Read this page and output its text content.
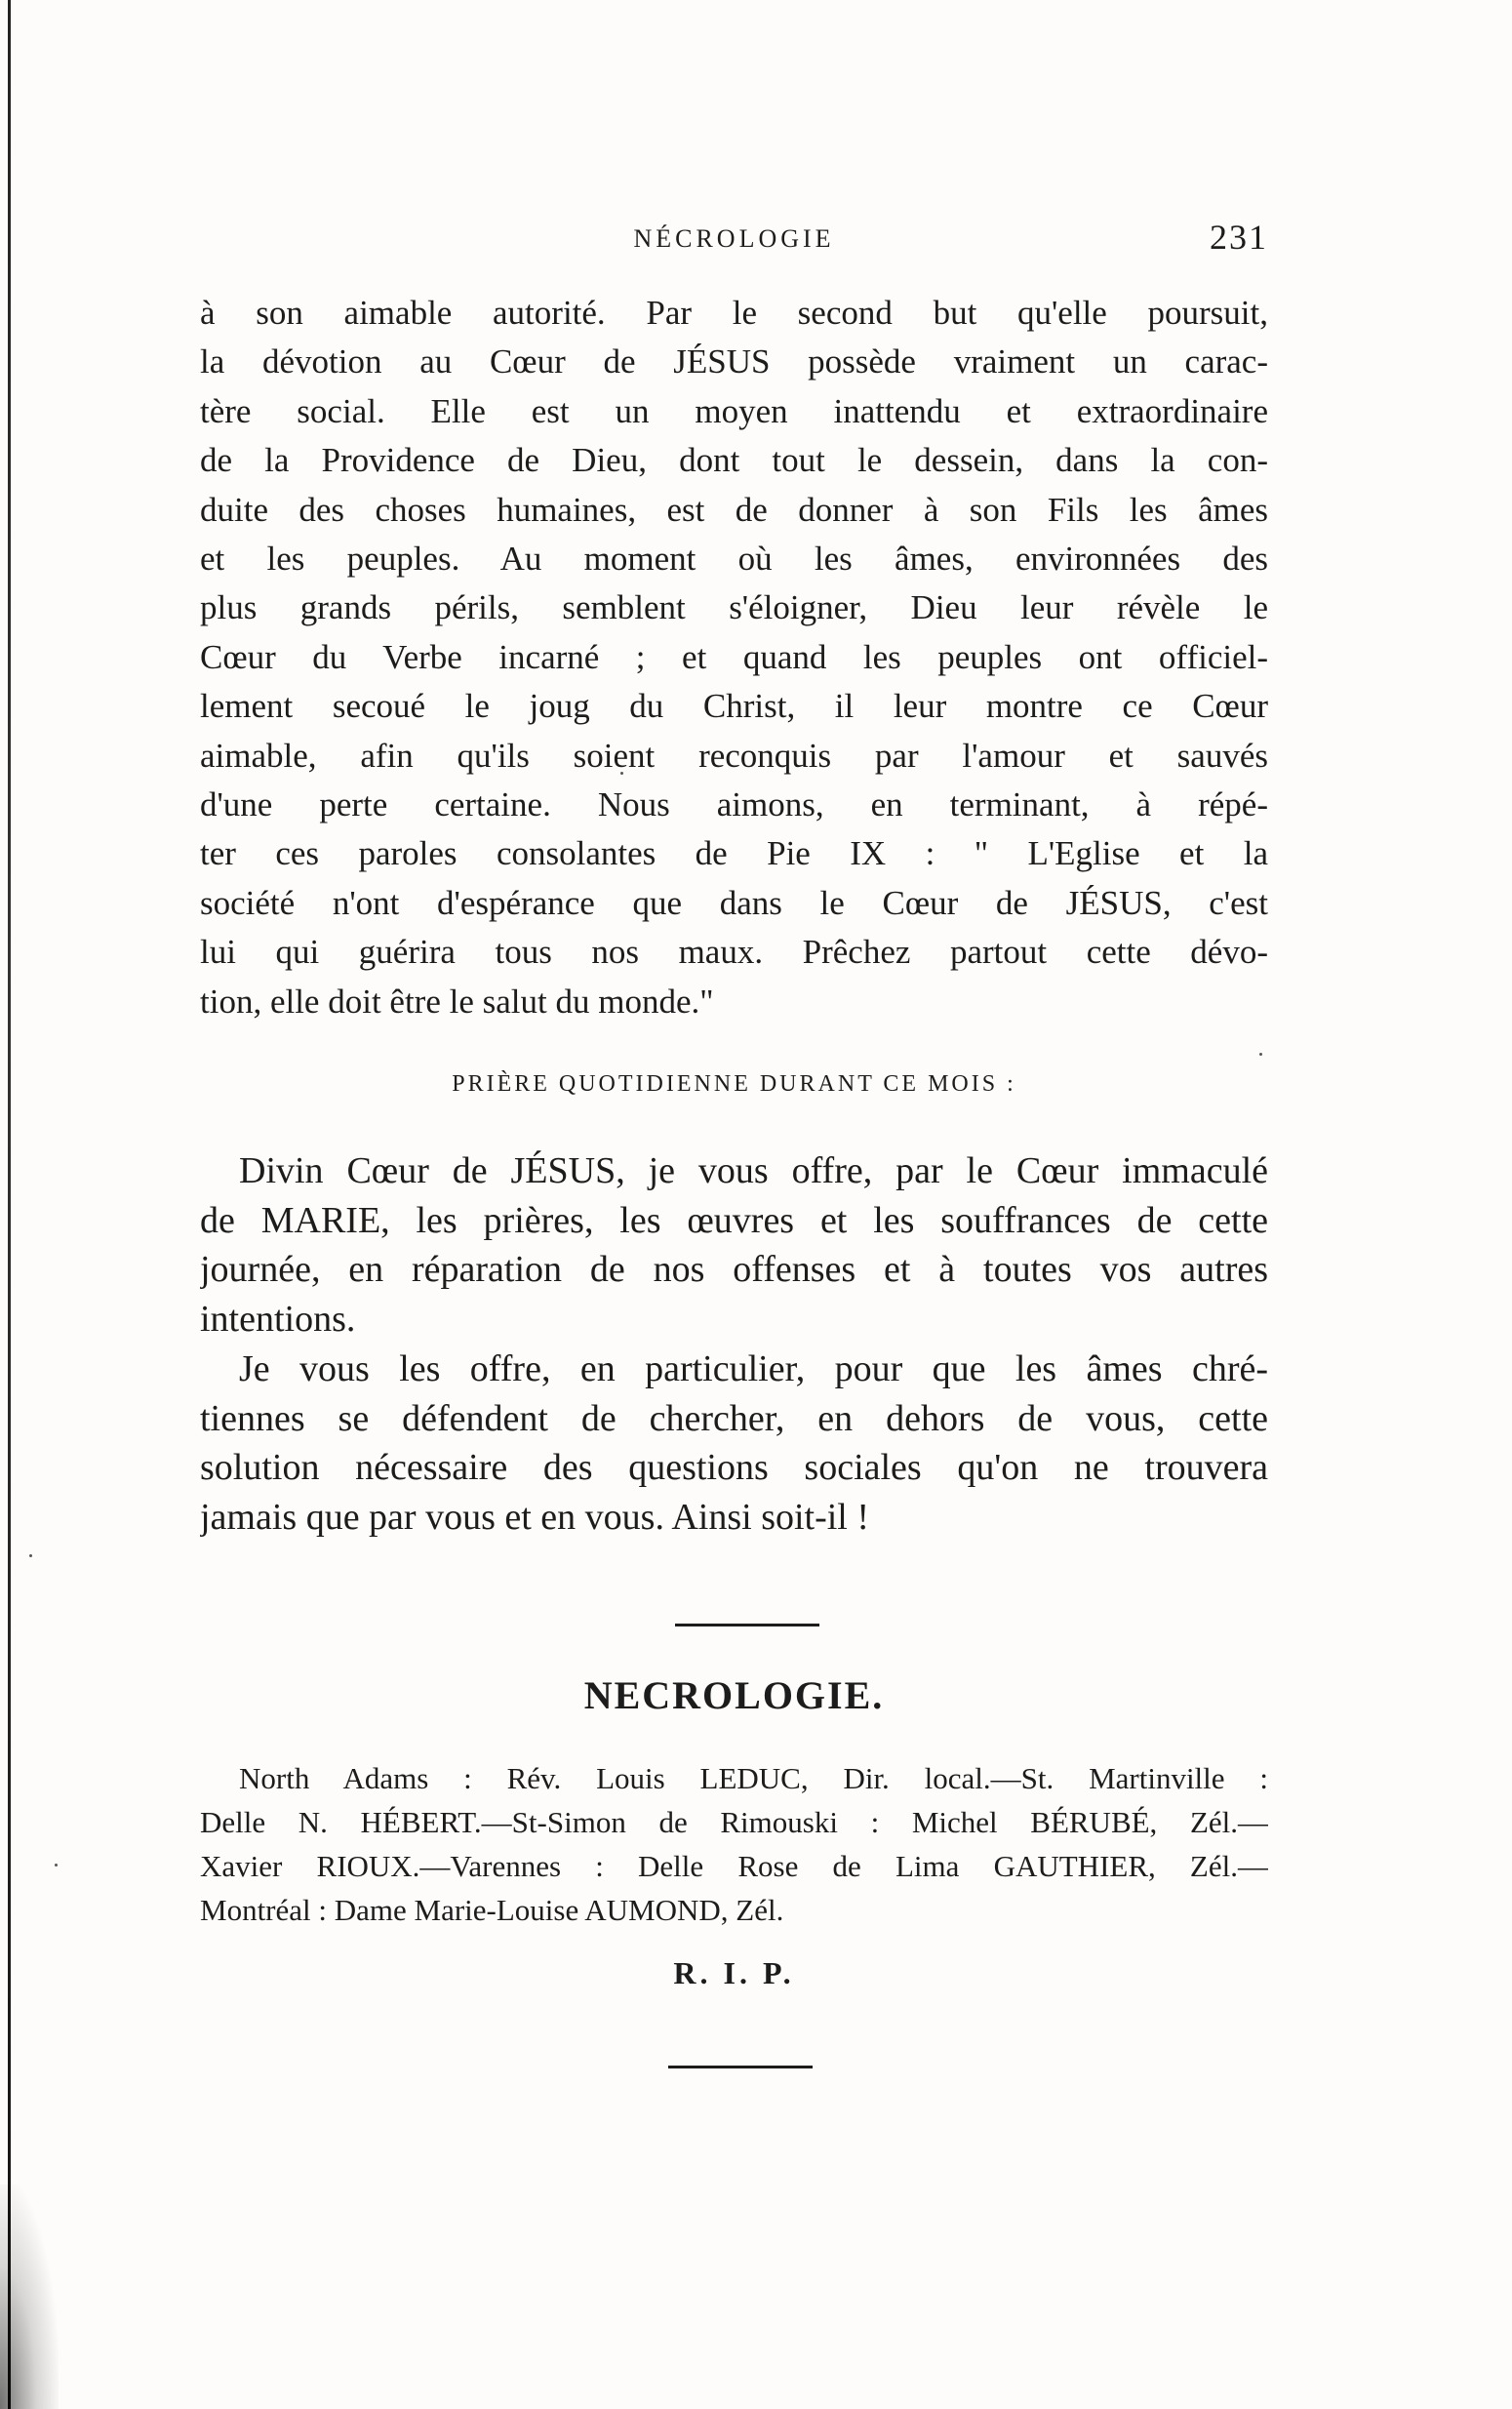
NÉCROLOGIE	231

à son aimable autorité. Par le second but qu'elle poursuit,
la dévotion au Cœur de JÉSUS possède vraiment un carac-
tère social. Elle est un moyen inattendu et extraordinaire
de la Providence de Dieu, dont tout le dessein, dans la con-
duite des choses humaines, est de donner à son Fils les âmes
et les peuples. Au moment où les âmes, environnées des
plus grands périls, semblent s'éloigner, Dieu leur révèle le
Cœur du Verbe incarné ; et quand les peuples ont officiel-
lement secoué le joug du Christ, il leur montre ce Cœur
aimable, afin qu'ils soient reconquis par l'amour et sauvés
d'une perte certaine. Nous aimons, en terminant, à répé-
ter ces paroles consolantes de Pie IX : " L'Eglise et la
société n'ont d'espérance que dans le Cœur de JÉSUS, c'est
lui qui guérira tous nos maux. Prêchez partout cette dévo-
tion, elle doit être le salut du monde."

PRIÈRE QUOTIDIENNE DURANT CE MOIS :

Divin Cœur de JÉSUS, je vous offre, par le Cœur immaculé
de MARIE, les prières, les œuvres et les souffrances de cette
journée, en réparation de nos offenses et à toutes vos autres
intentions.

Je vous les offre, en particulier, pour que les âmes chré-
tiennes se défendent de chercher, en dehors de vous, cette
solution nécessaire des questions sociales qu'on ne trouvera
jamais que par vous et en vous. Ainsi soit-il !

NECROLOGIE.

North Adams : Rév. Louis LEDUC, Dir. local.—St. Martinville :
Delle N. HÉBERT.—St-Simon de Rimouski : Michel BÉRUBÉ, Zél.—
Xavier RIOUX.—Varennes : Delle Rose de Lima GAUTHIER, Zél.—
Montréal : Dame Marie-Louise AUMOND, Zél.

R. I. P.
